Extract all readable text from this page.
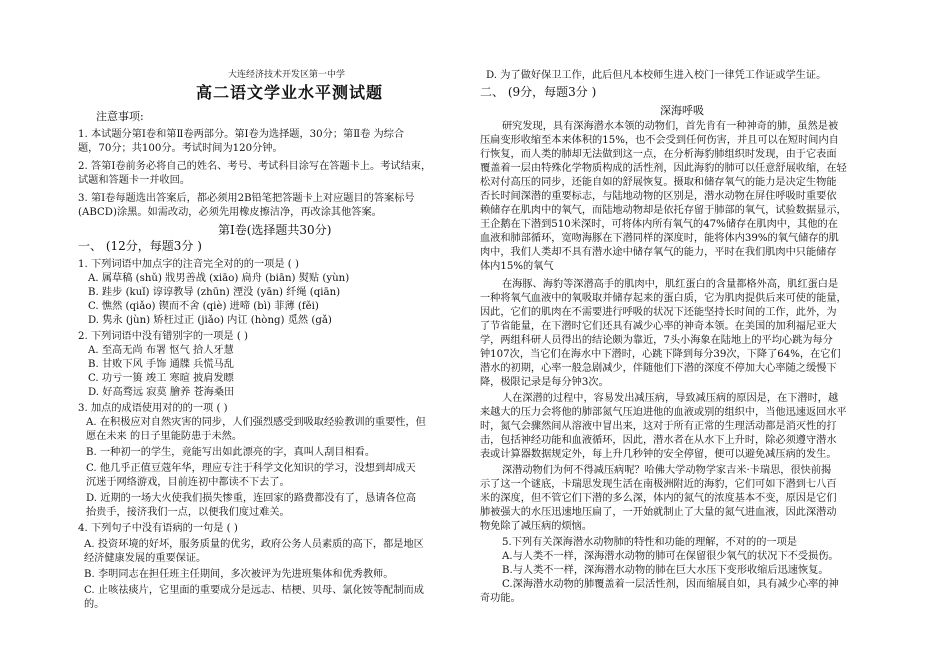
大连经济技术开发区第一中学
高二语文学业水平测试题
注意事项:
1. 本试题分第Ⅰ卷和第Ⅱ卷两部分。第Ⅰ卷为选择题，30分；第Ⅱ卷 为综合
题，70分；共100分。考试时间为120分钟。
2. 答第Ⅰ卷前务必将自己的姓名、考号、考试科目涂写在答题卡上。考试结束，
试题和答题卡一并收回。
3. 第Ⅰ卷每题选出答案后，都必须用2B铅笔把答题卡上对应题目的答案标号
(ABCD)涂黑。如需改动，必须先用橡皮擦洁净，再改涂其他答案。
第Ⅰ卷(选择题共30分)
一、 (12分，每题3分 )
1. 下列词语中加点字的注音完全对的的一项是 ( )
A. 属草稿 (shǔ) 戕男善战 (xiāo) 扃舟 (biān) 熨贴 (yùn)
B. 跬步 (kuǐ) 谆谆教导 (zhūn) 湮没 (yān) 纤绳 (qiān)
C. 憔然 (qiǎo) 锲而不舍 (qiè) 迸啼 (bì) 菲薄 (fěi)
D. 隽永 (jùn) 矫枉过正 (jiǎo) 内讧 (hòng) 觅然 (gǎ)
2. 下列词语中没有错别字的一项是 ( )
A. 至高无尚 布署 怄气 拾人牙慧
B. 甘败下风 手饰 通牒 兵慌马乱
C. 功亏一篑 竣工 寒暄 披肩发瞟
D. 好高骛远 寂莫 膾养 苍海桑田
3. 加点的成语使用对的的一项 ( )
A. 在积极应对自然灾害的同步，人们强烈感受到吸取经验教训的重要性，但
愿在未来 的日子里能防患于未然。
B. 一种初一的学生，竟能写出如此漂亮的字，真叫人刮目相看。
C. 他几乎正值豆蔻年华，理应专注于科学文化知识的学习，没想到却成天
沉迷于网络游戏，目前连初中都读不下去了。
D. 近期的一场大火使我们损失惨重，连回家的路费都没有了，恳请各位高
抬贵手，接济我们一点，以便我们度过难关。
4. 下列句子中没有语病的一句是 ( )
A. 投资环境的好坏，服务质量的优劣，政府公务人员素质的高下，都是地区
经济健康发展的重要保证。
B. 李明同志在担任班主任期间，多次被评为先进班集体和优秀教师。
C. 止咳祛痰片，它里面的重要成分是远志、桔梗、贝母、氯化铵等配制而成
的。
D. 为了做好保卫工作，此后但凡本校师生进入校门一律凭工作证或学生证。
二、 (9分，每题3分 )
深海呼吸
研究发现，具有深海潜水本领的动物们，首先肯有一种神奇的肺，虽然是被
压扁变形收缩至本来体积的15%，也不会受到任何伤害，并且可以在短时间内自
行恢复，而人类的肺却无法做到这一点，在分析海豹肺组织时发现，由于它表面
覆盖着一层由特殊化学物质构成的活性剂，因此海豹的肺可以任意舒展收缩，在轻
松对付高压的同步，还能自如的舒展恢复。摄取和储存氧气的能力是决定生物能
否长时间深潜的重要标志，与陆地动物的区别是，潜水动物在屏住呼吸时重要依
赖储存在肌肉中的氧气，而陆地动物却是依托存留于肺部的氧气，试验数据显示，
王企鹅在下潜到510米深时，可将体内所有氧气的47%储存在肌肉中，其他的在
血液和肺部循环，宽吻海豚在下潜同样的深度时，能将体内39%的氧气储存的肌
肉中，我们人类却不具有潜水途中储存氧气的能力，平时在我们肌肉中只能储存
体内15%的氧气
在海豚、海豹等深潜高手的肌肉中，肌红蛋白的含量都格外高，肌红蛋白是
一种将氧气血液中的氧吸取并储存起来的蛋白质，它为肌肉提供后来可使的能量，
因此，它们的肌肉在不需要进行呼吸的状况下还能坚持长时间的工作，此外，为
了节省能量，在下潜时它们还具有减少心率的神奇本领。在美国的加利福尼亚大
学，两组科研人员得出的结论颇为靠近，7头小海象在陆地上的平均心跳为每分
钟107次，当它们在海水中下潜时，心跳下降到每分39次，下降了64%，在它们
潜水的初期，心率一般急剧减少，伴随他们下潜的深度不停加大心率随之缓慢下
降，极限记录是每分钟3次。
人在深潜的过程中，容易发出减压病，导致减压病的原因是，在下潜时，越
来越大的压力会将他的肺部氮气压迫进他的血液或别的组织中，当他迅速返回水平
时，氮气会骤然间从溶液中冒出来，这对于所有正常的生理活动都是消灭性的打
击，包括神经功能和血液循环，因此，潜水者在从水下上升时，除必须遵守潜水
表或计算器数据规定外，每上升几秒钟的安全停留，便可以避免减压病的发生。
深潜动物们为何不得减压病呢？哈佛大学动物学家吉米·卡瑞思，很快前揭
示了这一个谜底，卡瑞思发现生活在南极洲附近的海豹，它们可如下潜到七八百
米的深度，但不管它们下潜的多么深，体内的氮气的浓度基本不变，原因是它们
肺被强大的水压迅速地压扁了，一开始就制止了大量的氮气进血液，因此深潜动
物免除了减压病的烦恼。
5.下列有关深海潜水动物肺的特性和功能的理解，不对的的一项是
A.与人类不一样，深海潜水动物的肺可在保留很少氧气的状况下不受损伤。
B.与人类不一样，深海潜水动物的肺在巨大水压下变形收缩后迅速恢复。
C.深海潜水动物的肺覆盖着一层活性剂，因而缩展自如，具有减少心率的神
奇功能。
